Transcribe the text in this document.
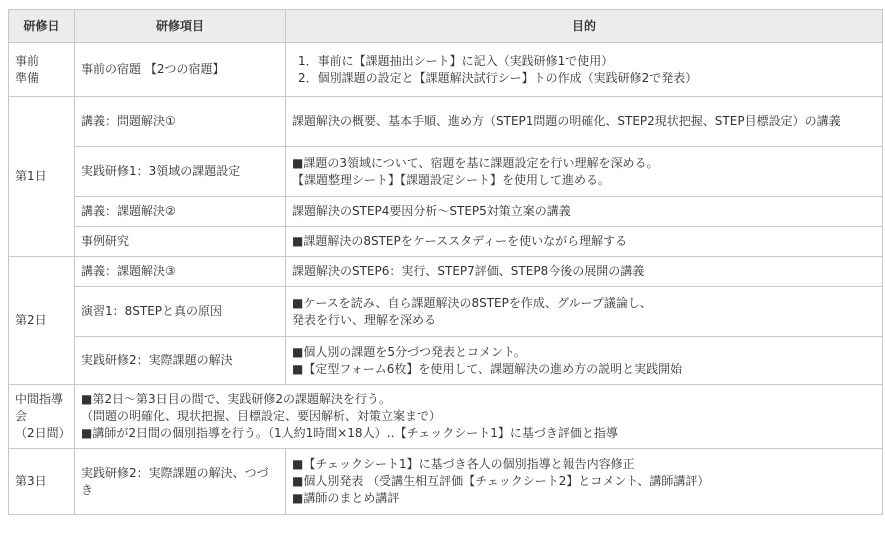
研修日	研修項目	目的

事前
準備	事前の宿題 【2つの宿題】	1．事前に【課題抽出シート】に記入（実践研修1で使用）
2．個別課題の設定と【課題解決試行シー】トの作成（実践研修2で発表）

第1日	講義：問題解決①	課題解決の概要、基本手順、進め方（STEP1問題の明確化、STEP2現状把握、STEP目標設定）の講義

	実践研修1：3領域の課題設定	■課題の3領域について、宿題を基に課題設定を行い理解を深める。
【課題整理シート】【課題設定シート】を使用して進める。

	講義：課題解決②	課題解決のSTEP4要因分析～STEP5対策立案の講義

	事例研究	■課題解決の8STEPをケーススタディーを使いながら理解する

第2日	講義：課題解決③	課題解決のSTEP6：実行、STEP7評価、STEP8今後の展開の講義

	演習1：8STEPと真の原因	■ケースを読み、自ら課題解決の8STEPを作成、グループ議論し、
発表を行い、理解を深める

	実践研修2：実際課題の解決	■個人別の課題を5分づつ発表とコメント。
■【定型フォーム6枚】を使用して、課題解決の進め方の説明と実践開始

中間指導
会
（2日間）	■第2日～第3日目の間で、実践研修2の課題解決を行う。
（問題の明確化、現状把握、目標設定、要因解析、対策立案まで）
■講師が2日間の個別指導を行う。（1人約1時間×18人）‥【チェックシート1】に基づき評価と指導	

第3日	実践研修2：実際課題の解決、つづき	■【チェックシート1】に基づき各人の個別指導と報告内容修正
■個人別発表 （受講生相互評価【チェックシート2】とコメント、講師講評）
■講師のまとめ講評
